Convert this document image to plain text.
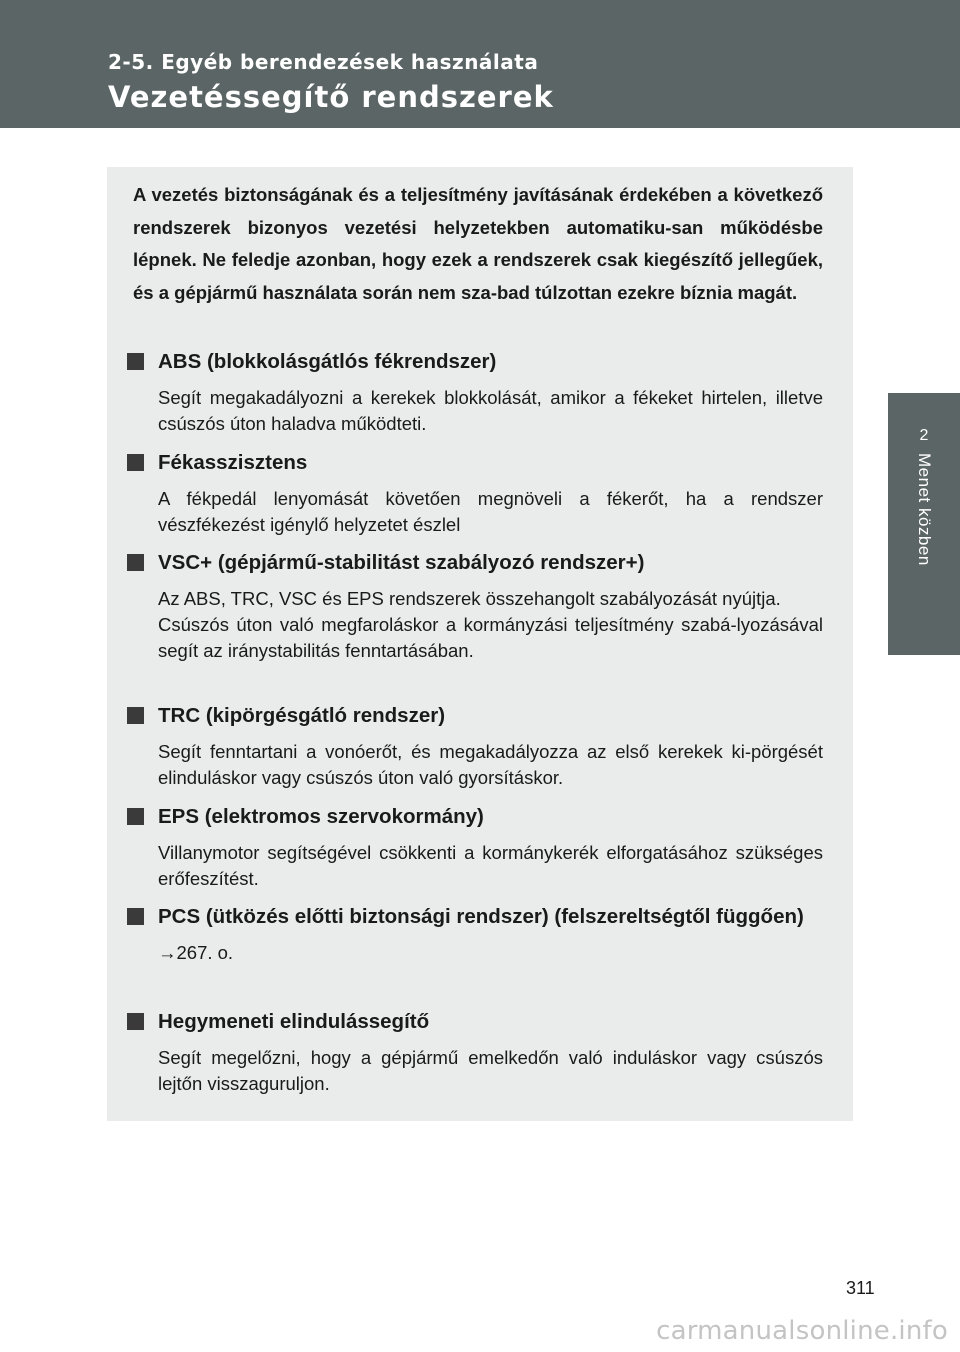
2-5. Egyéb berendezések használata
Vezetéssegítő rendszerek
2
Menet közben
A vezetés biztonságának és a teljesítmény javításának érdekében a következő rendszerek bizonyos vezetési helyzetekben automatiku-san működésbe lépnek. Ne feledje azonban, hogy ezek a rendszerek csak kiegészítő jellegűek, és a gépjármű használata során nem sza-bad túlzottan ezekre bíznia magát.
ABS (blokkolásgátlós fékrendszer)

Segít megakadályozni a kerekek blokkolását, amikor a fékeket hirtelen, illetve csúszós úton haladva működteti.

Fékasszisztens

A fékpedál lenyomását követően megnöveli a fékerőt, ha a rendszer vészfékezést igénylő helyzetet észlel

VSC+ (gépjármű-stabilitást szabályozó rendszer+)

Az ABS, TRC, VSC és EPS rendszerek összehangolt szabályozását nyújtja.

Csúszós úton való megfaroláskor a kormányzási teljesítmény szabá-lyozásával segít az iránystabilitás fenntartásában.

TRC (kipörgésgátló rendszer)

Segít fenntartani a vonóerőt, és megakadályozza az első kerekek ki-pörgését elinduláskor vagy csúszós úton való gyorsításkor.

EPS (elektromos szervokormány)

Villanymotor segítségével csökkenti a kormánykerék elforgatásához szükséges erőfeszítést.

PCS (ütközés előtti biztonsági rendszer) (felszereltségtől függően)

→267. o.

Hegymeneti elindulássegítő

Segít megelőzni, hogy a gépjármű emelkedőn való induláskor vagy csúszós lejtőn visszaguruljon.

311
carmanualsonline.info
